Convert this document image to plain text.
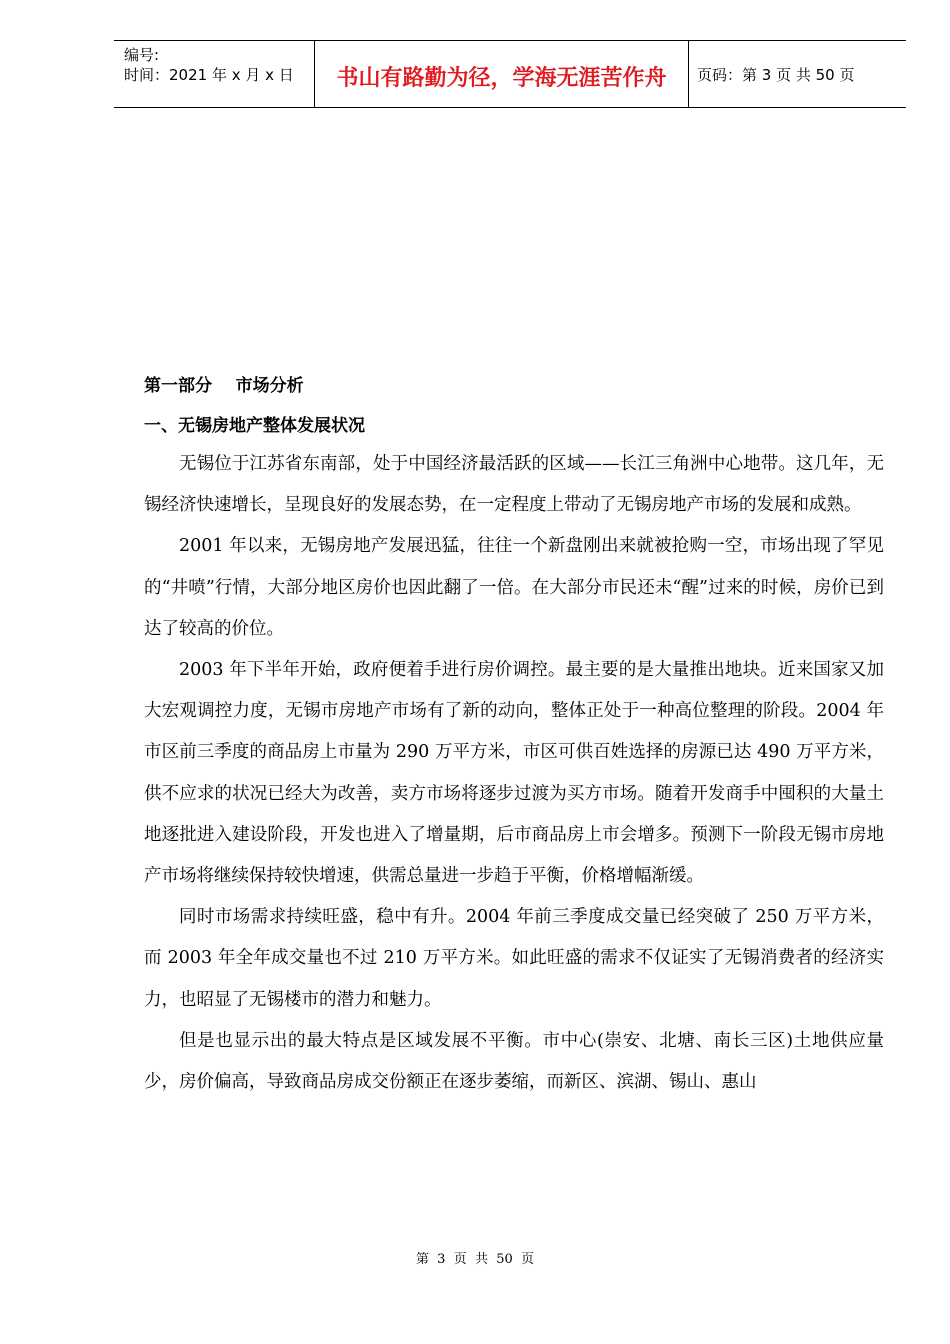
编号:
时间：2021 年 x 月 x 日	书山有路勤为径，学海无涯苦作舟	页码：第 3 页 共 50 页
第一部分    市场分析
一、无锡房地产整体发展状况

无锡位于江苏省东南部，处于中国经济最活跃的区域——长江三角洲中心地带。这几年，无锡经济快速增长，呈现良好的发展态势，在一定程度上带动了无锡房地产市场的发展和成熟。

2001 年以来，无锡房地产发展迅猛，往往一个新盘刚出来就被抢购一空，市场出现了罕见的“井喷”行情，大部分地区房价也因此翻了一倍。在大部分市民还未“醒”过来的时候，房价已到达了较高的价位。

2003 年下半年开始，政府便着手进行房价调控。最主要的是大量推出地块。近来国家又加大宏观调控力度，无锡市房地产市场有了新的动向，整体正处于一种高位整理的阶段。2004 年市区前三季度的商品房上市量为 290 万平方米，市区可供百姓选择的房源已达 490 万平方米，供不应求的状况已经大为改善，卖方市场将逐步过渡为买方市场。随着开发商手中囤积的大量土地逐批进入建设阶段，开发也进入了增量期，后市商品房上市会增多。预测下一阶段无锡市房地产市场将继续保持较快增速，供需总量进一步趋于平衡，价格增幅渐缓。

同时市场需求持续旺盛，稳中有升。2004 年前三季度成交量已经突破了 250 万平方米，而 2003 年全年成交量也不过 210 万平方米。如此旺盛的需求不仅证实了无锡消费者的经济实力，也昭显了无锡楼市的潜力和魅力。

但是也显示出的最大特点是区域发展不平衡。市中心(崇安、北塘、南长三区)土地供应量少，房价偏高，导致商品房成交份额正在逐步萎缩，而新区、滨湖、锡山、惠山

第  3  页  共  50  页
